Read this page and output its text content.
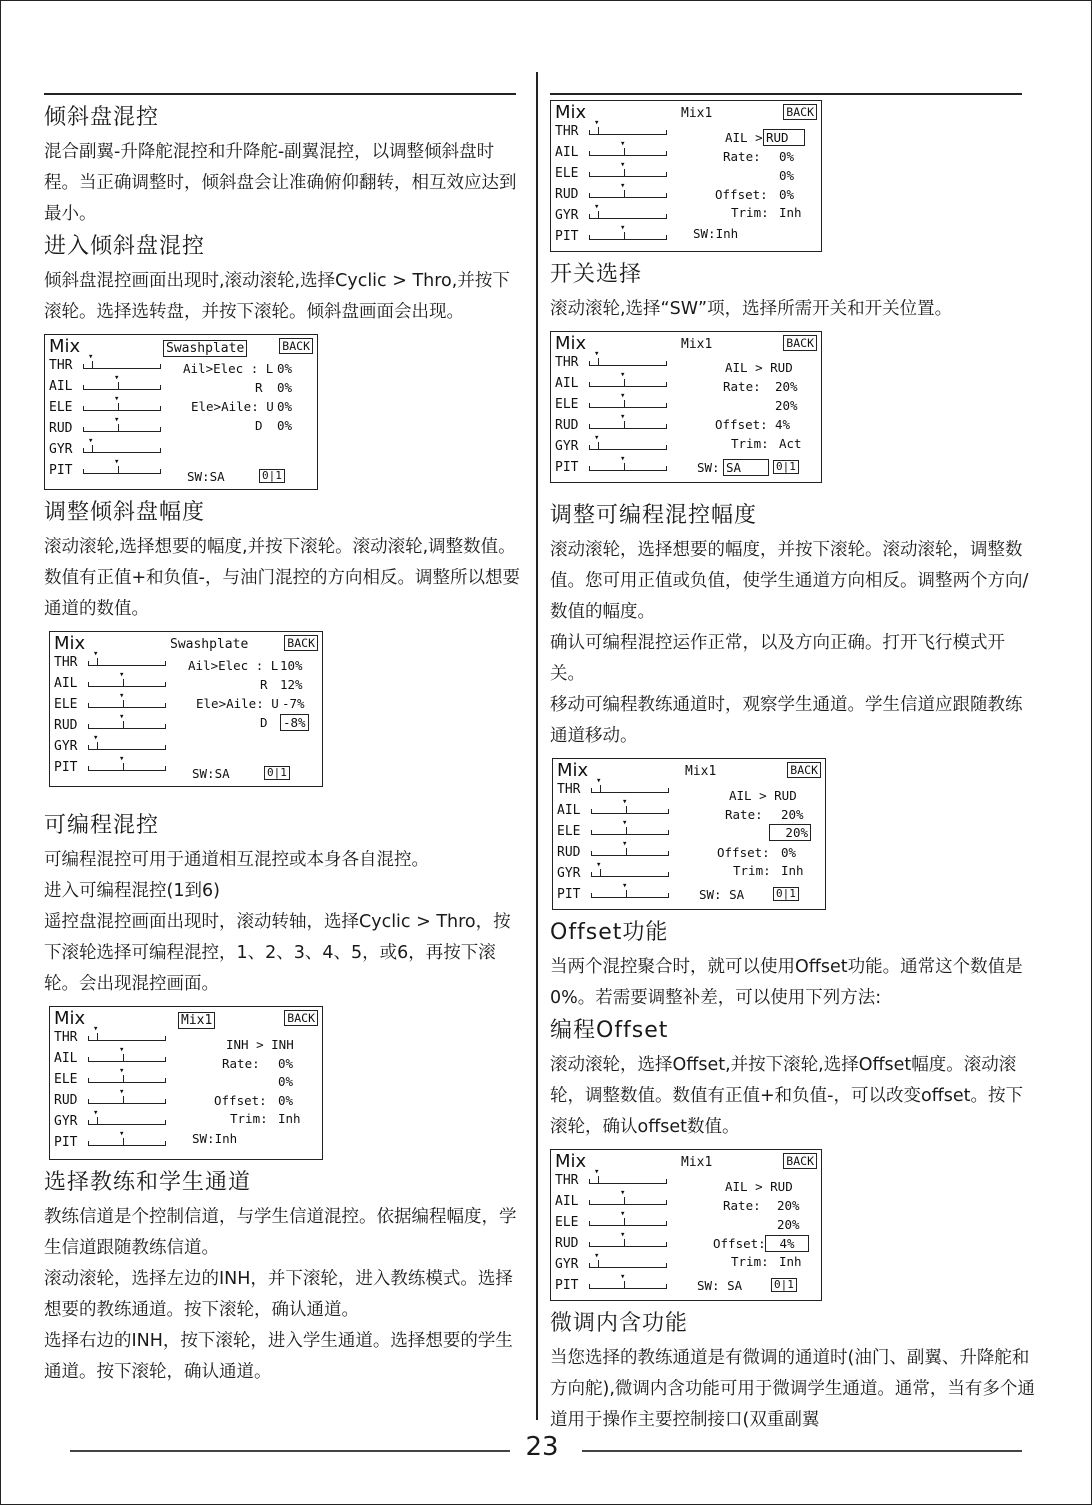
倾斜盘混控

混合副翼-升降舵混控和升降舵-副翼混控，以调整倾斜盘时程。当正确调整时，倾斜盘会让准确俯仰翻转，相互效应达到最小。

进入倾斜盘混控

倾斜盘混控画面出现时,滚动滚轮,选择Cyclic > Thro,并按下滚轮。选择选转盘，并按下滚轮。倾斜盘画面会出现。

Mix	Swashplate	BACK
Ail>Elec : L 0%
R 0%
Ele>Aile: U 0%
D 0%
SW:SA	0|1
THR
▾
AIL
▾
ELE
▾
RUD
▾
GYR
▾
PIT
▾
调整倾斜盘幅度

滚动滚轮,选择想要的幅度,并按下滚轮。滚动滚轮,调整数值。数值有正值+和负值-，与油门混控的方向相反。调整所以想要通道的数值。

Mix	Swashplate	BACK
Ail>Elec : L 10%
R 12%
Ele>Aile: U -7%
D -8%
SW:SA	0|1
THR
▾
AIL
▾
ELE
▾
RUD
▾
GYR
▾
PIT
▾
可编程混控

可编程混控可用于通道相互混控或本身各自混控。

进入可编程混控(1到6)

遥控盘混控画面出现时，滚动转轴，选择Cyclic > Thro，按下滚轮选择可编程混控，1、2、3、4、5，或6，再按下滚轮。会出现混控画面。

Mix	Mix1	BACK
INH > INH
Rate: 0%
0%
Offset: 0%
Trim: Inh
SW:Inh
THR
▾
AIL
▾
ELE
▾
RUD
▾
GYR
▾
PIT
▾
选择教练和学生通道

教练信道是个控制信道，与学生信道混控。依据编程幅度，学生信道跟随教练信道。

滚动滚轮，选择左边的INH，并下滚轮，进入教练模式。选择想要的教练通道。按下滚轮，确认通道。

选择右边的INH，按下滚轮，进入学生通道。选择想要的学生通道。按下滚轮，确认通道。

Mix	Mix1	BACK
AIL > RUD
Rate: 0%
0%
Offset: 0%
Trim: Inh
SW:Inh
THR
▾
AIL
▾
ELE
▾
RUD
▾
GYR
▾
PIT
▾
开关选择

滚动滚轮,选择“SW”项，选择所需开关和开关位置。

Mix	Mix1	BACK
AIL > RUD
Rate: 20%
20%
Offset: 4%
Trim: Act
SW: SA	0|1
THR
▾
AIL
▾
ELE
▾
RUD
▾
GYR
▾
PIT
▾
调整可编程混控幅度

滚动滚轮，选择想要的幅度，并按下滚轮。滚动滚轮，调整数值。您可用正值或负值，使学生通道方向相反。调整两个方向/数值的幅度。

确认可编程混控运作正常，以及方向正确。打开飞行模式开关。

移动可编程教练通道时，观察学生通道。学生信道应跟随教练通道移动。

Mix	Mix1	BACK
AIL > RUD
Rate: 20%
20%
Offset: 0%
Trim: Inh
SW: SA	0|1
THR
▾
AIL
▾
ELE
▾
RUD
▾
GYR
▾
PIT
▾
Offset功能

当两个混控聚合时，就可以使用Offset功能。通常这个数值是0%。若需要调整补差，可以使用下列方法:

编程Offset

滚动滚轮，选择Offset,并按下滚轮,选择Offset幅度。滚动滚轮，调整数值。数值有正值+和负值-，可以改变offset。按下滚轮，确认offset数值。

Mix	Mix1	BACK
AIL > RUD
Rate: 20%
20%
Offset:	4%
Trim: Inh
SW: SA	0|1
THR
▾
AIL
▾
ELE
▾
RUD
▾
GYR
▾
PIT
▾
微调内含功能

当您选择的教练通道是有微调的通道时(油门、副翼、升降舵和方向舵),微调内含功能可用于微调学生通道。通常，当有多个通道用于操作主要控制接口(双重副翼

23
